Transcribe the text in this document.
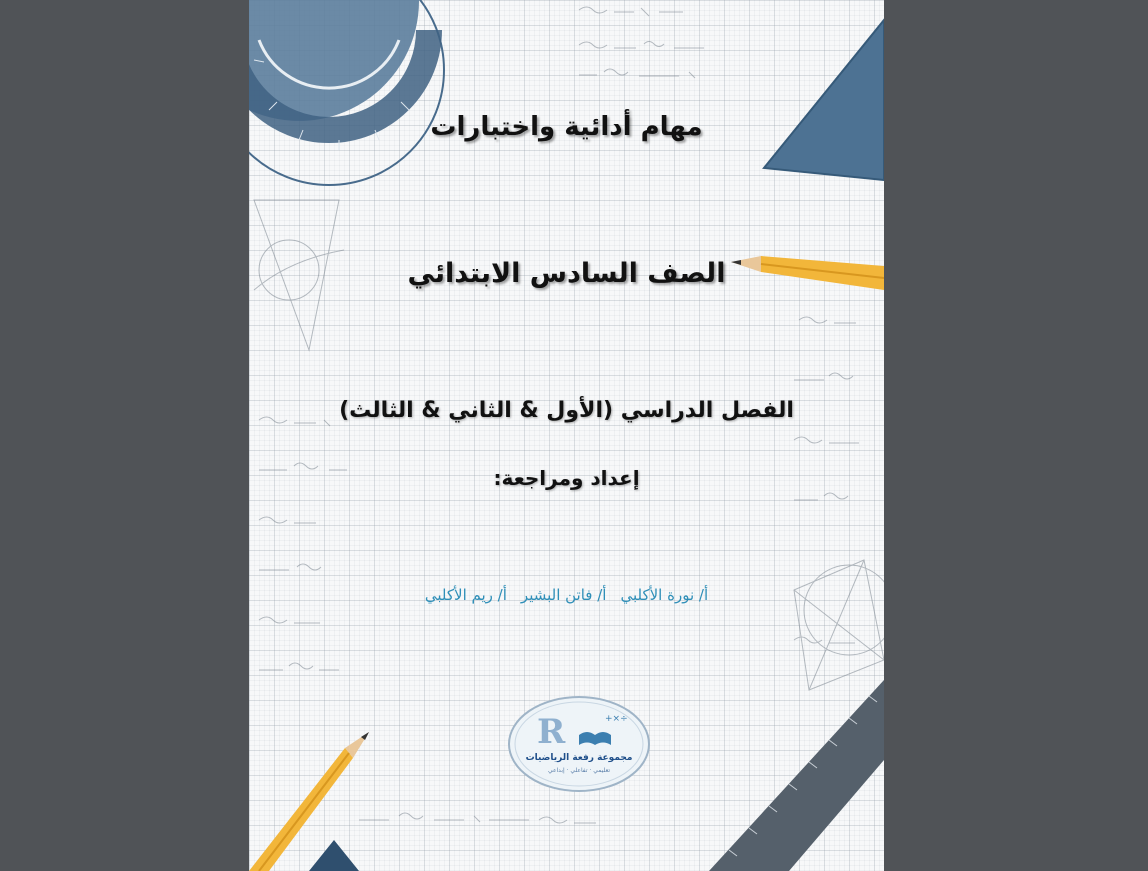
مهام أدائية واختبارات
الصف السادس الابتدائي
الفصل الدراسي (الأول & الثاني & الثالث)
إعداد ومراجعة:
أ/ نورة الأكلبي
أ/ فاتن البشير
أ/ ريم الأكلبي
R	+×÷
مجموعة رفعة الرياضيات
تعليمي · تفاعلي · إبداعي
